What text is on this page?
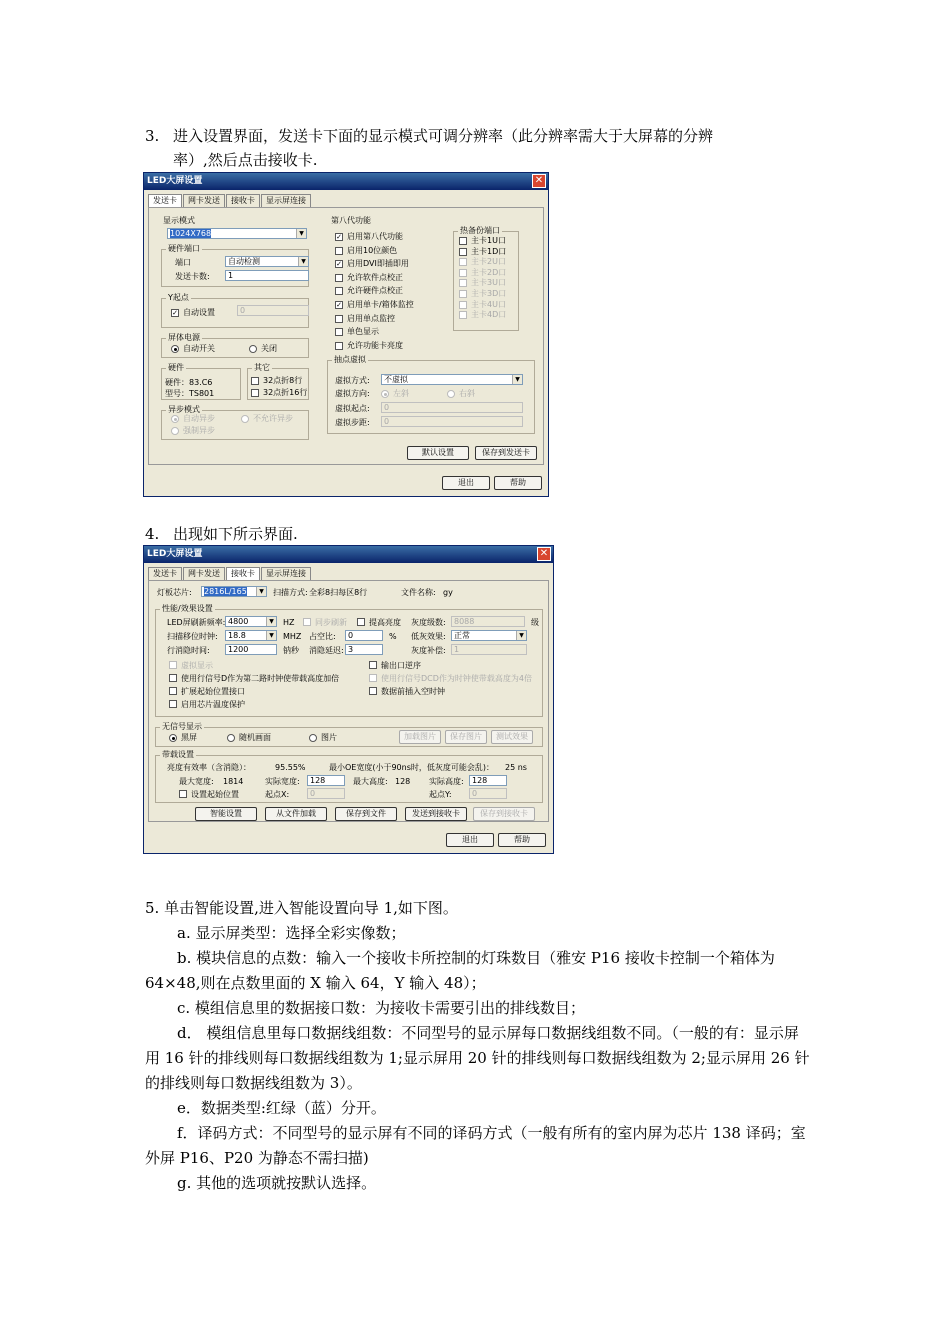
3. 进入设置界面，发送卡下面的显示模式可调分辨率（此分辨率需大于大屏幕的分辨
率）,然后点击接收卡.
LED大屏设置	✕
发送卡	网卡发送	接收卡	显示屏连接
显示模式
1024X768	▼
硬件端口
端口	自动检测	▼
发送卡数:	1
Y起点
✓ 自动设置	0
屏体电源
自动开关	关闭
硬件
硬件：83.C6
型号：TS801
其它
32点折8行
32点折16行
异步模式
自动异步	不允许异步
强制异步
第八代功能
热备份端口
抽点虚拟
虚拟方式:	不虚拟	▼
虚拟方向:	左斜	右斜
虚拟起点:	0
虚拟步距:	0
默认设置	保存到发送卡
✓ 启用第八代功能
启用10位颜色
✓ 启用DVI即插即用
允许软件点校正
允许硬件点校正
✓ 启用单卡/箱体监控
启用单点监控
单色显示
允许功能卡亮度
主卡1U口
主卡1D口
主卡2U口
主卡2D口
主卡3U口
主卡3D口
主卡4U口
主卡4D口
退出	帮助
4. 出现如下所示界面.
LED大屏设置	✕
发送卡	网卡发送	接收卡	显示屏连接
灯板芯片:	2816L/165	▼ 扫描方式: 全彩8扫每区8行	文件名称: gy
性能/效果设置
LED屏刷新频率: 4800	▼ HZ	同步刷新	提高亮度 灰度级数:	8088	级
扫描移位时钟:	18.8	▼ MHZ 占空比:	0	% 低灰效果:	正常	▼
行消隐时间:	1200	钠秒 消隐延迟: 3	灰度补偿:	1
虚拟显示	输出口逆序
使用行信号D作为第二路时钟使带载高度加倍	使用行信号DCD作为时钟使带载高度为4倍
扩展起始位置接口	数据前插入空时钟
启用芯片温度保护
无信号显示
黑屏	随机画面	图片	加载图片	保存图片	测试效果
带载设置
亮度有效率（含消隐）：	95.55%	最小OE宽度(小于90ns时，低灰度可能会乱)： 25 ns
最大宽度: 1814	实际宽度:	128	最大高度: 128 实际高度:	128
设置起始位置	起点X:	0	起点Y:	0
智能设置	从文件加载	保存到文件	发送到接收卡	保存到接收卡
退出	帮助
5. 单击智能设置,进入智能设置向导 1,如下图。
a. 显示屏类型：选择全彩实像数；
b. 模块信息的点数：输入一个接收卡所控制的灯珠数目（雅安 P16 接收卡控制一个箱体为 64×48,则在点数里面的 X 输入 64，Y 输入 48）；
c. 模组信息里的数据接口数：为接收卡需要引出的排线数目；
d． 模组信息里每口数据线组数：不同型号的显示屏每口数据线组数不同。（一般的有：显示屏用 16 针的排线则每口数据线组数为 1;显示屏用 20 针的排线则每口数据线组数为 2;显示屏用 26 针的排线则每口数据线组数为 3）。
e．数据类型:红绿（蓝）分开。
f．译码方式：不同型号的显示屏有不同的译码方式（一般有所有的室内屏为芯片 138 译码；室外屏 P16、P20 为静态不需扫描)
g. 其他的选项就按默认选择。
